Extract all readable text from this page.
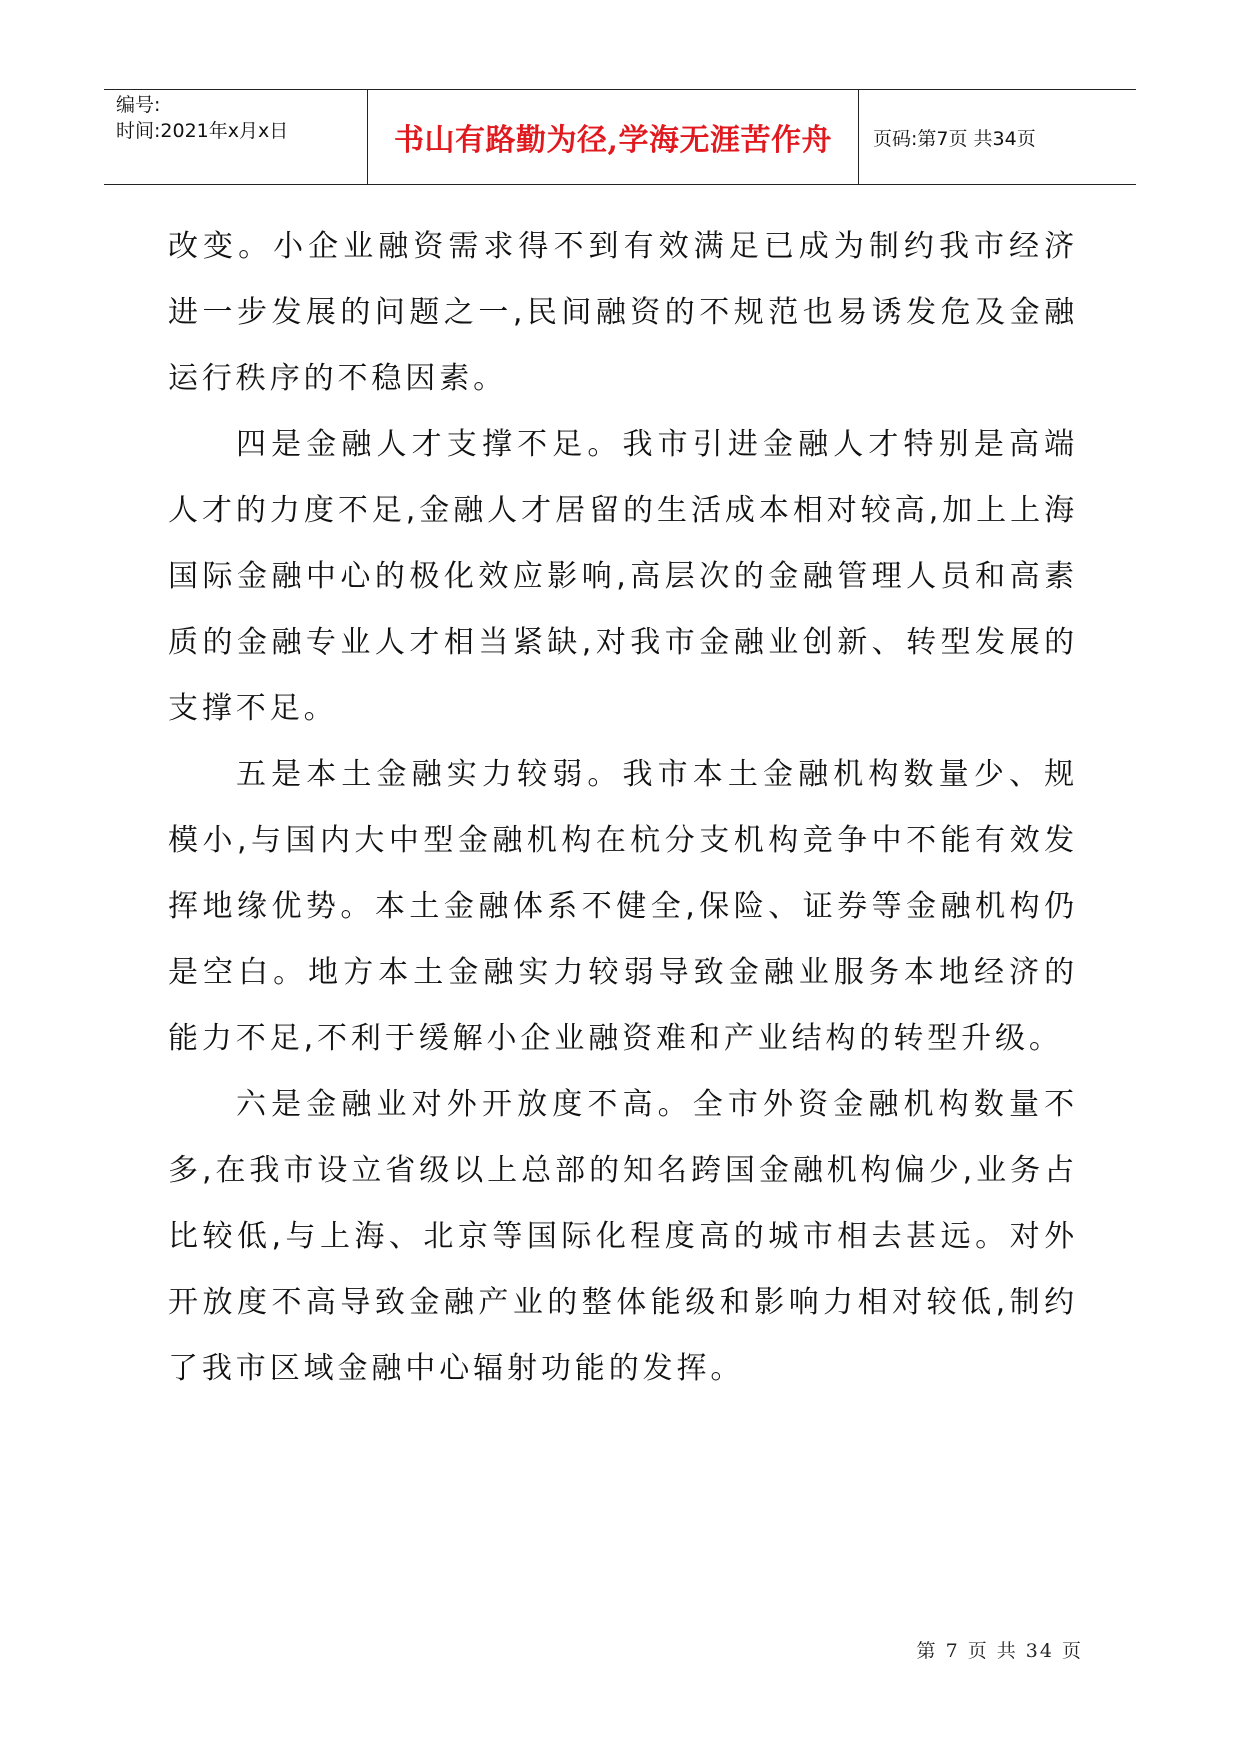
编号:
时间:2021年x月x日	书山有路勤为径,学海无涯苦作舟 页码:第7页 共34页

改变。小企业融资需求得不到有效满足已成为制约我市经济进一步发展的问题之一,民间融资的不规范也易诱发危及金融运行秩序的不稳因素。

四是金融人才支撑不足。我市引进金融人才特别是高端人才的力度不足,金融人才居留的生活成本相对较高,加上上海国际金融中心的极化效应影响,高层次的金融管理人员和高素质的金融专业人才相当紧缺,对我市金融业创新、转型发展的支撑不足。

五是本土金融实力较弱。我市本土金融机构数量少、规模小,与国内大中型金融机构在杭分支机构竞争中不能有效发挥地缘优势。本土金融体系不健全,保险、证券等金融机构仍是空白。地方本土金融实力较弱导致金融业服务本地经济的能力不足,不利于缓解小企业融资难和产业结构的转型升级。

六是金融业对外开放度不高。全市外资金融机构数量不多,在我市设立省级以上总部的知名跨国金融机构偏少,业务占比较低,与上海、北京等国际化程度高的城市相去甚远。对外开放度不高导致金融产业的整体能级和影响力相对较低,制约了我市区域金融中心辐射功能的发挥。

第 7 页 共 34 页
